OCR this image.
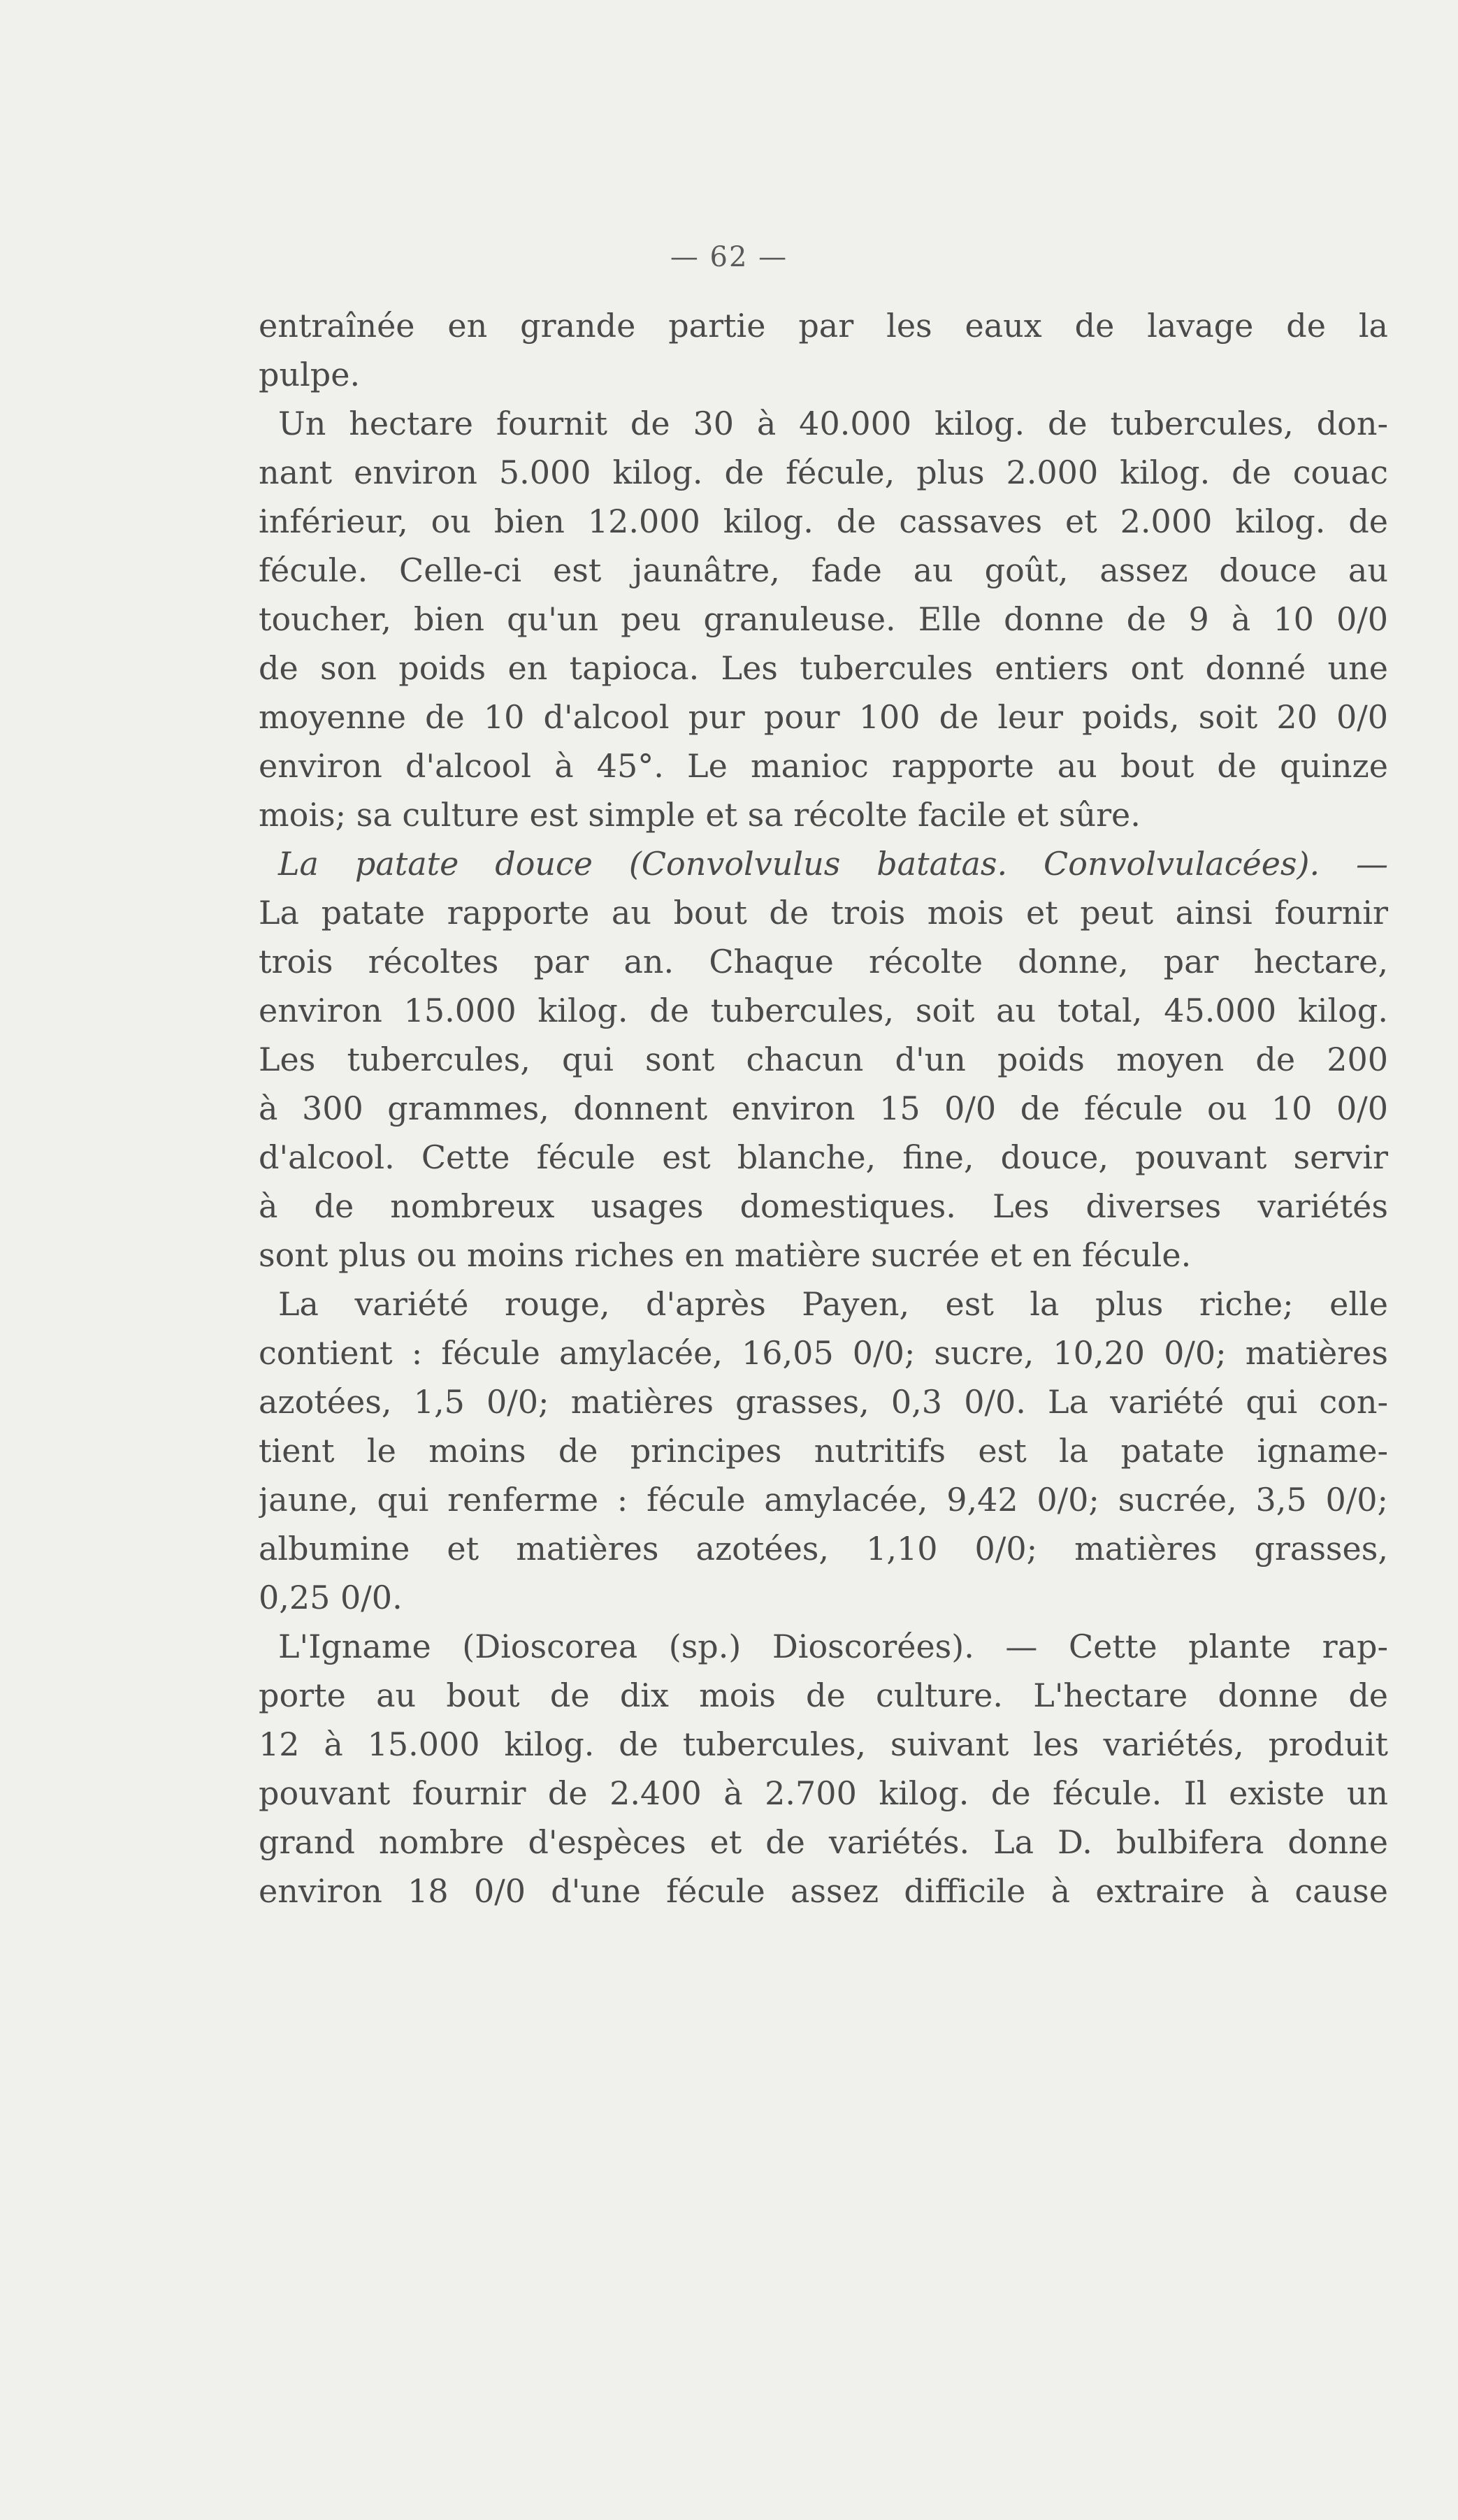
— 62 —
entraînée en grande partie par les eaux de lavage de la
pulpe.
Un hectare fournit de 30 à 40.000 kilog. de tubercules, don-
nant environ 5.000 kilog. de fécule, plus 2.000 kilog. de couac
inférieur, ou bien 12.000 kilog. de cassaves et 2.000 kilog. de
fécule. Celle-ci est jaunâtre, fade au goût, assez douce au
toucher, bien qu'un peu granuleuse. Elle donne de 9 à 10 0/0
de son poids en tapioca. Les tubercules entiers ont donné une
moyenne de 10 d'alcool pur pour 100 de leur poids, soit 20 0/0
environ d'alcool à 45°. Le manioc rapporte au bout de quinze
mois; sa culture est simple et sa récolte facile et sûre.
La patate douce (Convolvulus batatas. Convolvulacées). —
La patate rapporte au bout de trois mois et peut ainsi fournir
trois récoltes par an. Chaque récolte donne, par hectare,
environ 15.000 kilog. de tubercules, soit au total, 45.000 kilog.
Les tubercules, qui sont chacun d'un poids moyen de 200
à 300 grammes, donnent environ 15 0/0 de fécule ou 10 0/0
d'alcool. Cette fécule est blanche, fine, douce, pouvant servir
à de nombreux usages domestiques. Les diverses variétés
sont plus ou moins riches en matière sucrée et en fécule.
La variété rouge, d'après Payen, est la plus riche; elle
contient : fécule amylacée, 16,05 0/0; sucre, 10,20 0/0; matières
azotées, 1,5 0/0; matières grasses, 0,3 0/0. La variété qui con-
tient le moins de principes nutritifs est la patate igname-
jaune, qui renferme : fécule amylacée, 9,42 0/0; sucrée, 3,5 0/0;
albumine et matières azotées, 1,10 0/0; matières grasses,
0,25 0/0.
L'Igname (Dioscorea (sp.) Dioscorées). — Cette plante rap-
porte au bout de dix mois de culture. L'hectare donne de
12 à 15.000 kilog. de tubercules, suivant les variétés, produit
pouvant fournir de 2.400 à 2.700 kilog. de fécule. Il existe un
grand nombre d'espèces et de variétés. La D. bulbifera donne
environ 18 0/0 d'une fécule assez difficile à extraire à cause
